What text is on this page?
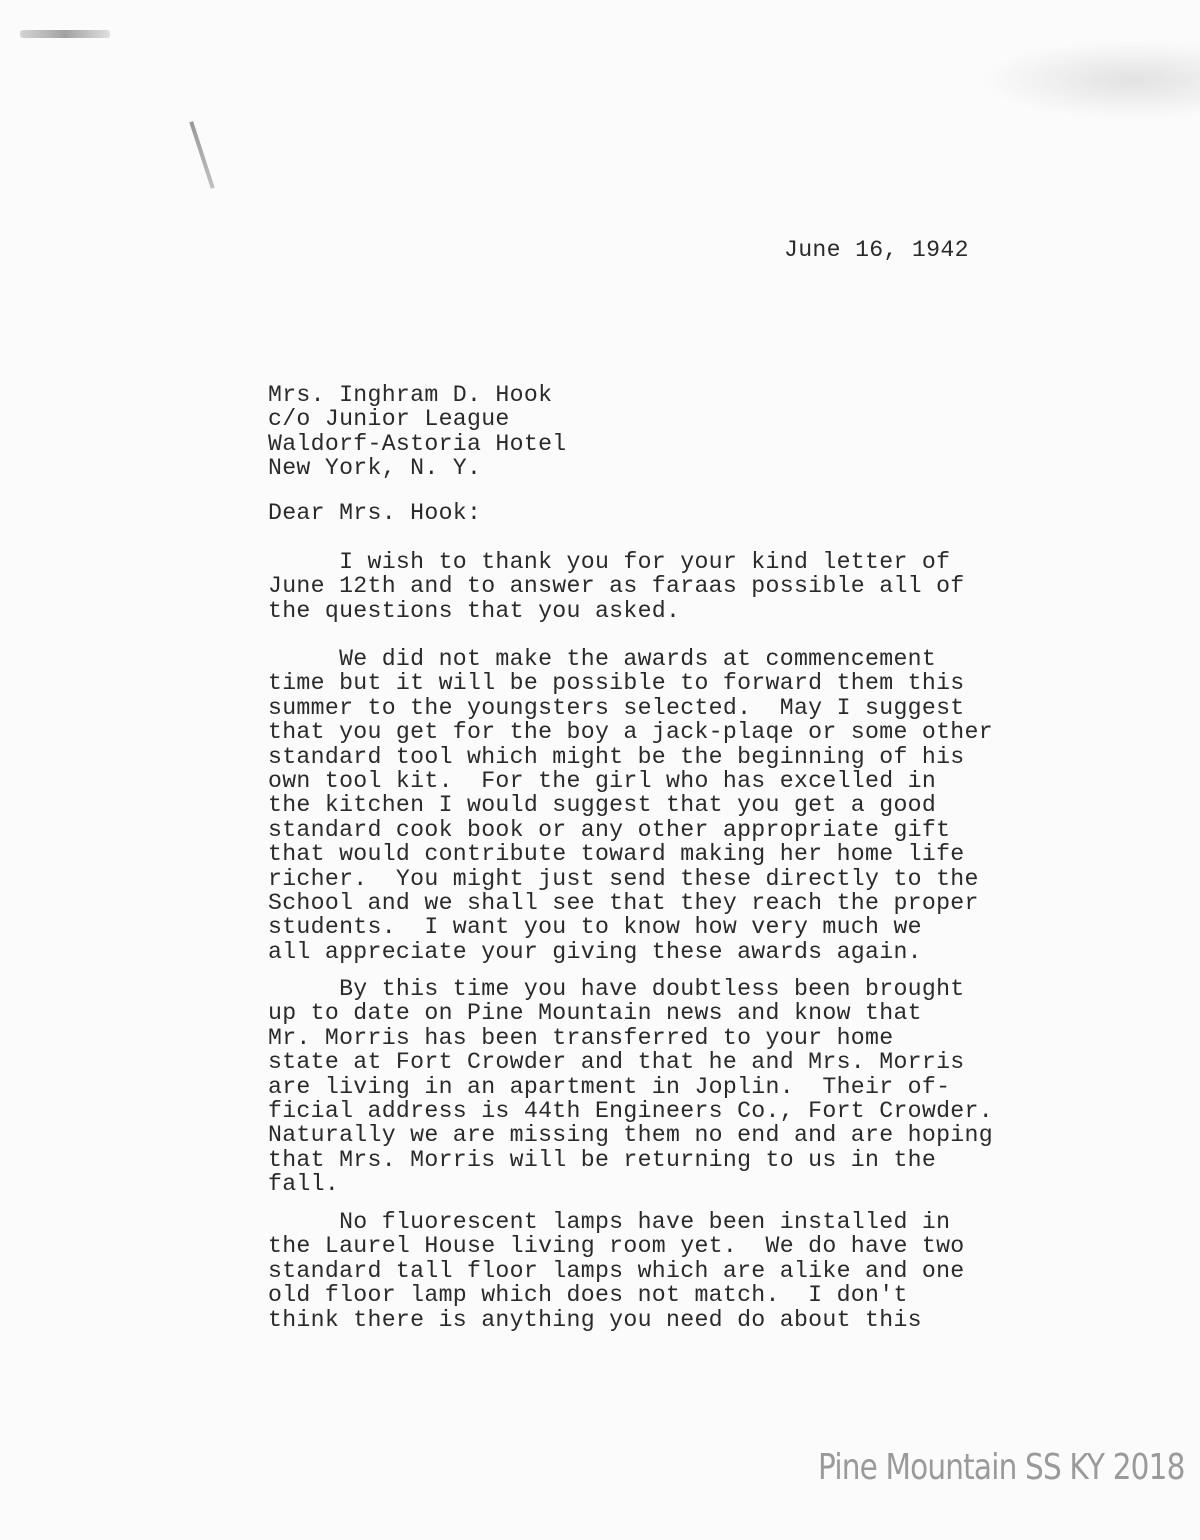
June 16, 1942
Mrs. Inghram D. Hook
c/o Junior League
Waldorf-Astoria Hotel
New York, N. Y.
Dear Mrs. Hook:
I wish to thank you for your kind letter of
June 12th and to answer as faraas possible all of
the questions that you asked.
We did not make the awards at commencement
time but it will be possible to forward them this
summer to the youngsters selected.  May I suggest
that you get for the boy a jack-plaqe or some other
standard tool which might be the beginning of his
own tool kit.  For the girl who has excelled in
the kitchen I would suggest that you get a good
standard cook book or any other appropriate gift
that would contribute toward making her home life
richer.  You might just send these directly to the
School and we shall see that they reach the proper
students.  I want you to know how very much we
all appreciate your giving these awards again.
By this time you have doubtless been brought
up to date on Pine Mountain news and know that
Mr. Morris has been transferred to your home
state at Fort Crowder and that he and Mrs. Morris
are living in an apartment in Joplin.  Their of-
ficial address is 44th Engineers Co., Fort Crowder.
Naturally we are missing them no end and are hoping
that Mrs. Morris will be returning to us in the
fall.
No fluorescent lamps have been installed in
the Laurel House living room yet.  We do have two
standard tall floor lamps which are alike and one
old floor lamp which does not match.  I don't
think there is anything you need do about this
Pine Mountain SS KY 2018
